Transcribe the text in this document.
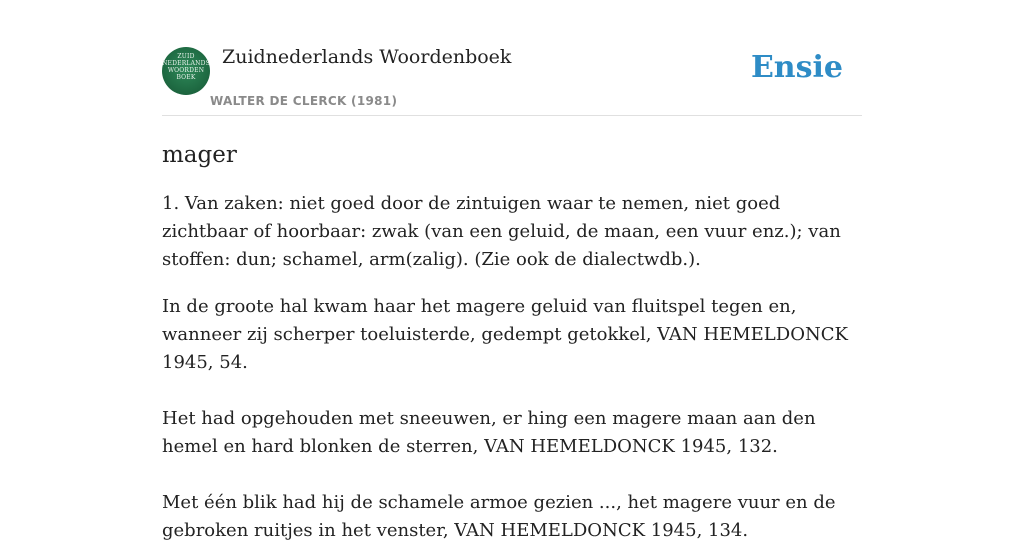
ZUID
NEDERLANDS
WOORDEN
BOEK
Zuidnederlands Woordenboek
WALTER DE CLERCK (1981)
Ensie
mager

1. Van zaken: niet goed door de zintuigen waar te nemen, niet goed zichtbaar of hoorbaar: zwak (van een geluid, de maan, een vuur enz.); van stoffen: dun; schamel, arm(zalig). (Zie ook de dialectwdb.).

In de groote hal kwam haar het magere geluid van fluitspel tegen en, wanneer zij scherper toeluisterde, gedempt getokkel, VAN HEMELDONCK 1945, 54.

Het had opgehouden met sneeuwen, er hing een magere maan aan den hemel en hard blonken de sterren, VAN HEMELDONCK 1945, 132.

Met één blik had hij de schamele armoe gezien ..., het magere vuur en de gebroken ruitjes in het venster, VAN HEMELDONCK 1945, 134.
